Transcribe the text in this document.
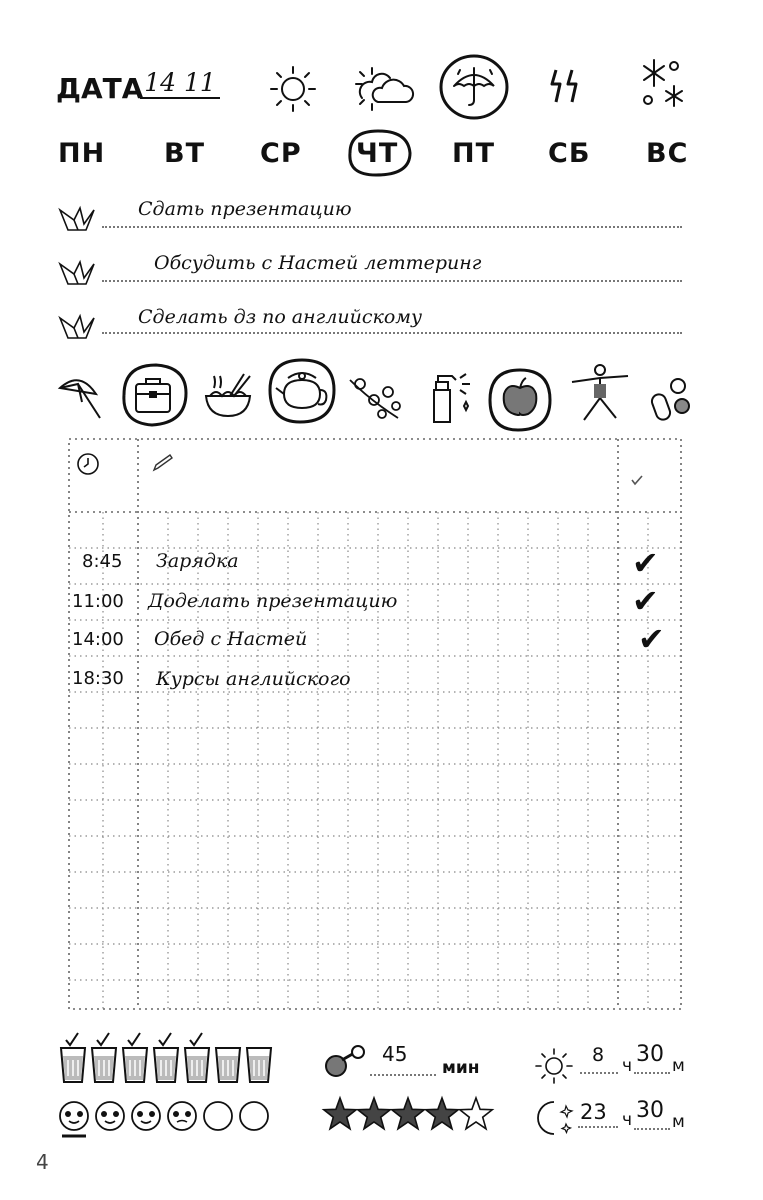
ДАТА 14 11
ПН ВТ СР ЧТ ПТ СБ ВС
Сдать презентацию
Обсудить с Настей леттеринг
Сделать дз по английскому
8:45 Зарядка	✔
11:00 Доделать презентацию	✔
14:00 Обед с Настей	✔
18:30 Курсы английского
45
мин
8 ч 30 м
23 ч 30 м
4
